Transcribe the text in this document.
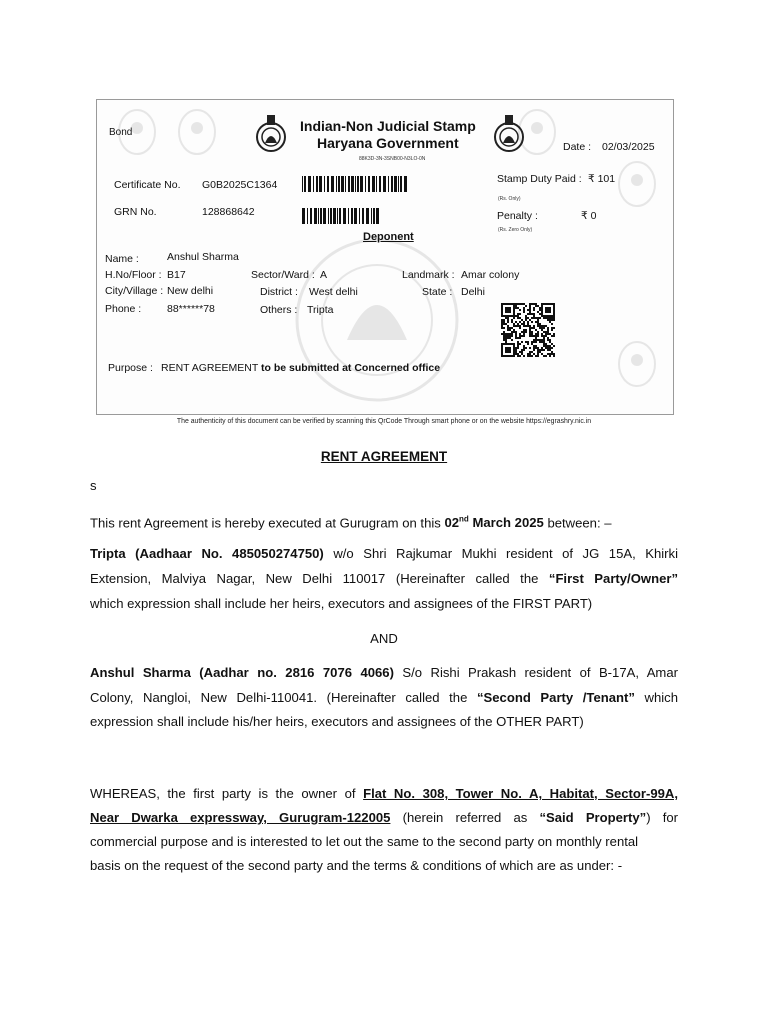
Bond	Indian-Non Judicial Stamp
Haryana Government
88K3D-3N-3SNB00-N3LO-0N
Date : 02/03/2025
Certificate No. G0B2025C1364	Stamp Duty Paid : ₹ 101
(Rs. Only)
GRN No.	128868642	Penalty :	₹ 0
(Rs. Zero Only)
Deponent
Name :	Anshul Sharma
H.No/Floor : B17	Sector/Ward : A	Landmark : Amar colony
City/Village : New delhi	District : West delhi	State : Delhi
Phone : 88******78	Others : Tripta
Purpose : RENT AGREEMENT to be submitted at Concerned office
The authenticity of this document can be verified by scanning this QrCode Through smart phone or on the website https://egrashry.nic.in
RENT AGREEMENT
s
This rent Agreement is hereby executed at Gurugram on this 02nd March 2025 between: –
Tripta (Aadhaar No. 485050274750) w/o Shri Rajkumar Mukhi resident of JG 15A, Khirki
Extension, Malviya Nagar, New Delhi 110017 (Hereinafter called the “First Party/Owner”
which expression shall include her heirs, executors and assignees of the FIRST PART)
AND
Anshul Sharma (Aadhar no. 2816 7076 4066) S/o Rishi Prakash resident of B-17A, Amar
Colony, Nangloi, New Delhi-110041. (Hereinafter called the “Second Party /Tenant” which
expression shall include his/her heirs, executors and assignees of the OTHER PART)
WHEREAS, the first party is the owner of Flat No. 308, Tower No. A, Habitat, Sector-99A,
Near Dwarka expressway, Gurugram-122005 (herein referred as “Said Property”) for
commercial purpose and is interested to let out the same to the second party on monthly rental
basis on the request of the second party and the terms & conditions of which are as under: -
